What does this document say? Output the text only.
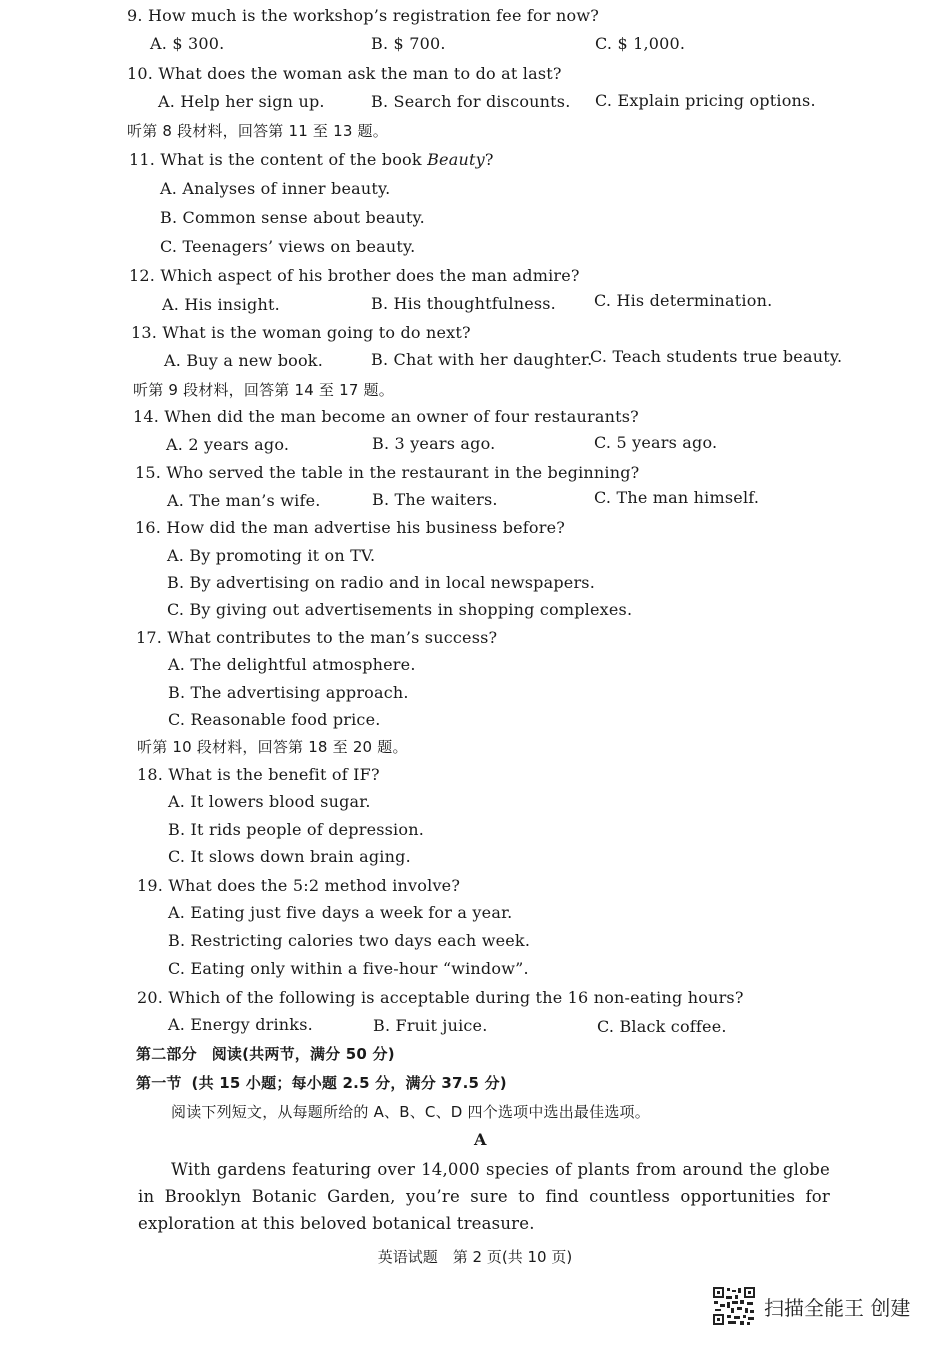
9. How much is the workshop’s registration fee for now?
A. $ 300.	B. $ 700.	C. $ 1,000.
10. What does the woman ask the man to do at last?
A. Help her sign up.	B. Search for discounts. C. Explain pricing options.
听第 8 段材料，回答第 11 至 13 题。
11. What is the content of the book Beauty?
A. Analyses of inner beauty.
B. Common sense about beauty.
C. Teenagers’ views on beauty.
12. Which aspect of his brother does the man admire?
A. His insight.	B. His thoughtfulness. C. His determination.
13. What is the woman going to do next?
A. Buy a new book.	B. Chat with her daughter.
C. Teach students true beauty.
听第 9 段材料，回答第 14 至 17 题。
14. When did the man become an owner of four restaurants?
A. 2 years ago.	B. 3 years ago.	C. 5 years ago.
15. Who served the table in the restaurant in the beginning?
A. The man’s wife.	B. The waiters.	C. The man himself.
16. How did the man advertise his business before?
A. By promoting it on TV.
B. By advertising on radio and in local newspapers.
C. By giving out advertisements in shopping complexes.
17. What contributes to the man’s success?
A. The delightful atmosphere.
B. The advertising approach.
C. Reasonable food price.
听第 10 段材料，回答第 18 至 20 题。
18. What is the benefit of IF?
A. It lowers blood sugar.
B. It rids people of depression.
C. It slows down brain aging.
19. What does the 5:2 method involve?
A. Eating just five days a week for a year.
B. Restricting calories two days each week.
C. Eating only within a five-hour “window”.
20. Which of the following is acceptable during the 16 non-eating hours?
A. Energy drinks.	B. Fruit juice.	C. Black coffee.
第二部分 阅读(共两节，满分 50 分)
第一节 (共 15 小题；每小题 2.5 分，满分 37.5 分)
阅读下列短文，从每题所给的 A、B、C、D 四个选项中选出最佳选项。
A
With gardens featuring over 14,000 species of plants from around the globe in Brooklyn Botanic Garden, you’re sure to find countless opportunities for exploration at this beloved botanical treasure.
英语试题　第 2 页(共 10 页)
扫描全能王 创建
